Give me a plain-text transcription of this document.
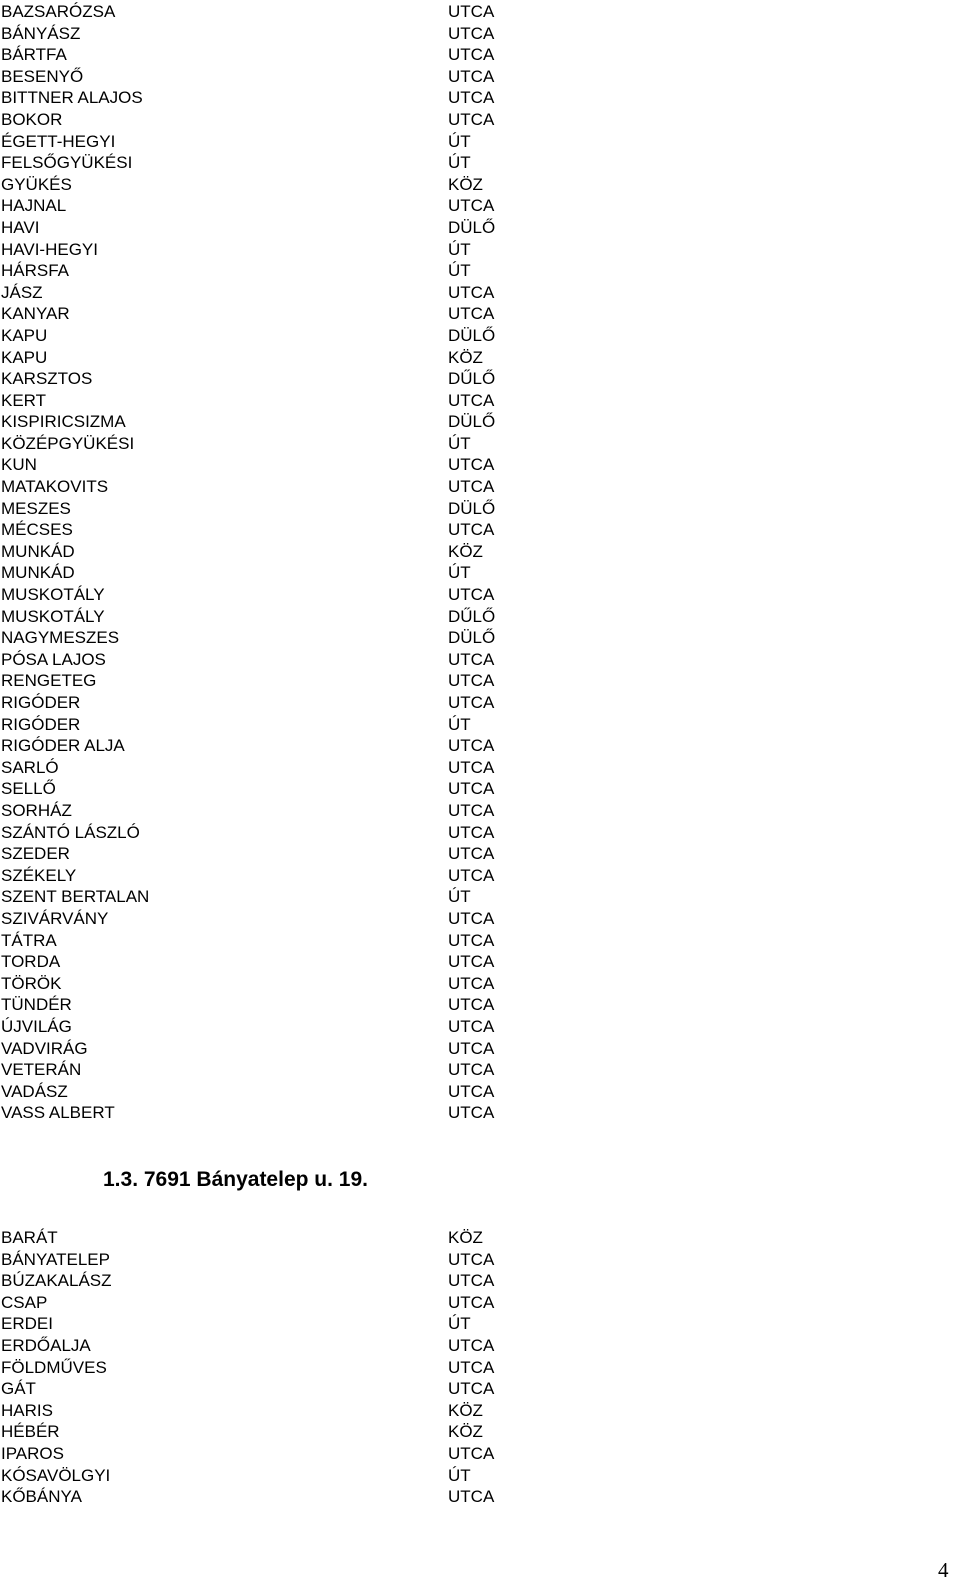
BAZSARÓZSA	UTCA
BÁNYÁSZ	UTCA
BÁRTFA	UTCA
BESENYŐ	UTCA
BITTNER ALAJOS	UTCA
BOKOR	UTCA
ÉGETT-HEGYI	ÚT
FELSŐGYÜKÉSI	ÚT
GYÜKÉS	KÖZ
HAJNAL	UTCA
HAVI	DÜLŐ
HAVI-HEGYI	ÚT
HÁRSFA	ÚT
JÁSZ	UTCA
KANYAR	UTCA
KAPU	DÜLŐ
KAPU	KÖZ
KARSZTOS	DŰLŐ
KERT	UTCA
KISPIRICSIZMA	DÜLŐ
KÖZÉPGYÜKÉSI	ÚT
KUN	UTCA
MATAKOVITS	UTCA
MESZES	DÜLŐ
MÉCSES	UTCA
MUNKÁD	KÖZ
MUNKÁD	ÚT
MUSKOTÁLY	UTCA
MUSKOTÁLY	DŰLŐ
NAGYMESZES	DÜLŐ
PÓSA LAJOS	UTCA
RENGETEG	UTCA
RIGÓDER	UTCA
RIGÓDER	ÚT
RIGÓDER ALJA	UTCA
SARLÓ	UTCA
SELLŐ	UTCA
SORHÁZ	UTCA
SZÁNTÓ LÁSZLÓ	UTCA
SZEDER	UTCA
SZÉKELY	UTCA
SZENT BERTALAN	ÚT
SZIVÁRVÁNY	UTCA
TÁTRA	UTCA
TORDA	UTCA
TÖRÖK	UTCA
TÜNDÉR	UTCA
ÚJVILÁG	UTCA
VADVIRÁG	UTCA
VETERÁN	UTCA
VADÁSZ	UTCA
VASS ALBERT	UTCA
1.3. 7691 Bányatelep u. 19.
BARÁT	KÖZ
BÁNYATELEP	UTCA
BÚZAKALÁSZ	UTCA
CSAP	UTCA
ERDEI	ÚT
ERDŐALJA	UTCA
FÖLDMŰVES	UTCA
GÁT	UTCA
HARIS	KÖZ
HÉBÉR	KÖZ
IPAROS	UTCA
KÓSAVÖLGYI	ÚT
KŐBÁNYA	UTCA
4
